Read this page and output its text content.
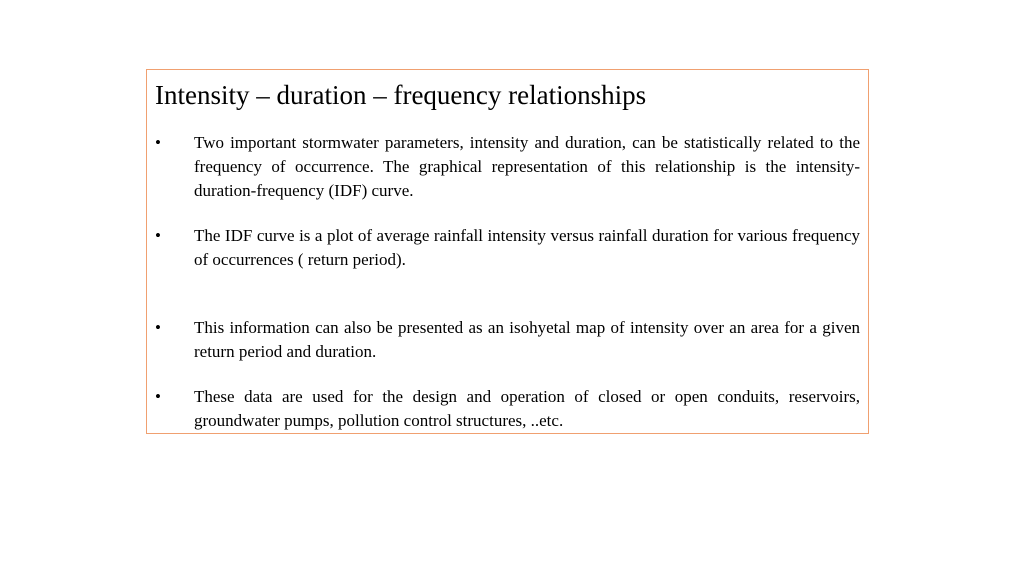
Intensity – duration – frequency relationships
•	Two important stormwater parameters, intensity and duration, can be statistically related to the frequency of occurrence. The graphical representation of this relationship is the intensity-duration-frequency (IDF) curve.
•	The IDF curve is a plot of average rainfall intensity versus rainfall duration for various frequency of occurrences ( return period).
•	This information can also be presented as an isohyetal map of intensity over an area for a given return period and duration.
•	These data are used for the design and operation of closed or open conduits, reservoirs, groundwater pumps, pollution control structures, ..etc.
